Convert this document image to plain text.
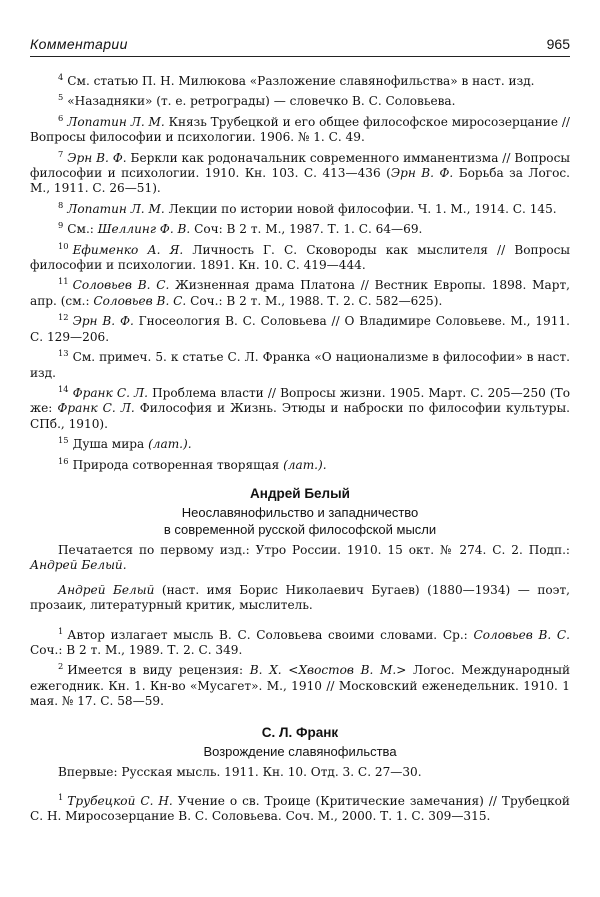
Комментарии	965

$^4$ См. статью П. Н. Милюкова «Разложение славянофильства» в наст. изд.

$^5$ «Назадняки» (т. е. ретрограды) — словечко В. С. Соловьева.

$^6$ Лопатин Л. М. Князь Трубецкой и его общее философское миросозерцание // Вопросы философии и психологии. 1906. № 1. С. 49.

$^7$ Эрн В. Ф. Беркли как родоначальник современного имманентизма // Вопросы философии и психологии. 1910. Кн. 103. С. 413—436 (Эрн В. Ф. Борьба за Логос. М., 1911. С. 26—51).

$^8$ Лопатин Л. М. Лекции по истории новой философии. Ч. 1. М., 1914. С. 145.

$^9$ См.: Шеллинг Ф. В. Соч: В 2 т. М., 1987. Т. 1. С. 64—69.

$^{10}$ Ефименко А. Я. Личность Г. С. Сковороды как мыслителя // Вопросы философии и психологии. 1891. Кн. 10. С. 419—444.

$^{11}$ Соловьев В. С. Жизненная драма Платона // Вестник Европы. 1898. Март, апр. (см.: Соловьев В. С. Соч.: В 2 т. М., 1988. Т. 2. С. 582—625).

$^{12}$ Эрн В. Ф. Гносеология В. С. Соловьева // О Владимире Соловьеве. М., 1911. С. 129—206.

$^{13}$ См. примеч. 5. к статье С. Л. Франка «О национализме в философии» в наст. изд.

$^{14}$ Франк С. Л. Проблема власти // Вопросы жизни. 1905. Март. С. 205—250 (То же: Франк С. Л. Философия и Жизнь. Этюды и наброски по философии культуры. СПб., 1910).

$^{15}$ Душа мира (лат.).

$^{16}$ Природа сотворенная творящая (лат.).

Андрей Белый
Неославянофильство и западничество
в современной русской философской мысли

Печатается по первому изд.: Утро России. 1910. 15 окт. № 274. С. 2. Подп.: Андрей Белый.

Андрей Белый (наст. имя Борис Николаевич Бугаев) (1880—1934) — поэт, прозаик, литературный критик, мыслитель.

$^1$ Автор излагает мысль В. С. Соловьева своими словами. Ср.: Соловьев В. С. Соч.: В 2 т. М., 1989. Т. 2. С. 349.

$^2$ Имеется в виду рецензия: В. Х. <Хвостов В. М.> Логос. Международный ежегодник. Кн. 1. Кн-во «Мусагет». М., 1910 // Московский еженедельник. 1910. 1 мая. № 17. С. 58—59.

С. Л. Франк
Возрождение славянофильства

Впервые: Русская мысль. 1911. Кн. 10. Отд. 3. С. 27—30.

$^1$ Трубецкой С. Н. Учение о св. Троице (Критические замечания) // Трубецкой С. Н. Миросозерцание В. С. Соловьева. Соч. М., 2000. Т. 1. С. 309—315.
